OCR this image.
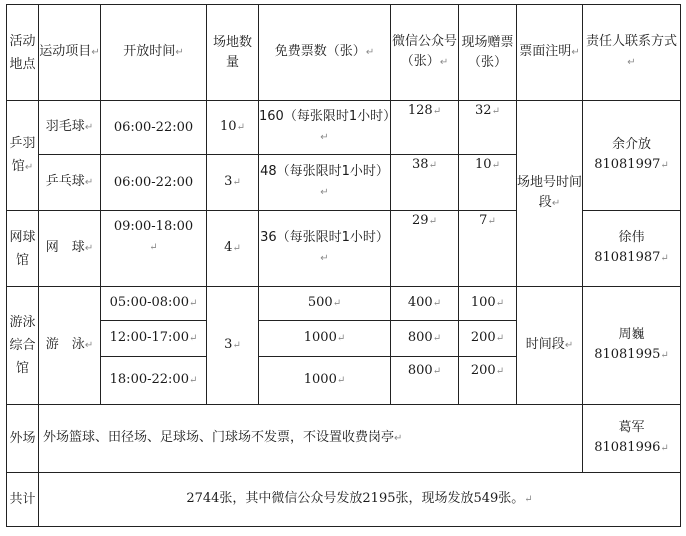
活动地点	运动项目 ↵	开放时间 ↵	场地数量	免费票数（张） ↵	微信公众号（张） ↵	现场赠票（张）	票面注明 ↵	责任人联系方式 ↵
乒羽馆 ↵	羽毛球 ↵	06:00-22:00	10 ↵	160（每张限时1小时） ↵	128 ↵	32 ↵	场地号时间段 ↵	余介放
81081997 ↵

	乒乓球 ↵	06:00-22:00	3 ↵	48（每张限时1小时） ↵	38 ↵	10 ↵
网球馆	网　球 ↵	09:00-18:00
↵	4 ↵	36（每张限时1小时） ↵	29 ↵	7 ↵		徐伟
81081987 ↵

游泳综合馆	游　泳 ↵	05:00-08:00 ↵	3 ↵	500 ↵	400 ↵	100 ↵	时间段 ↵	周巍
81081995 ↵

		12:00-17:00 ↵		1000 ↵	800 ↵	200 ↵
		18:00-22:00 ↵		1000 ↵	800 ↵	200 ↵
外场	外场篮球、田径场、足球场、门球场不发票，不设置收费岗亭 ↵							葛军
81081996 ↵

共计	2744张，其中微信公众号发放2195张，现场发放549张。 ↵
